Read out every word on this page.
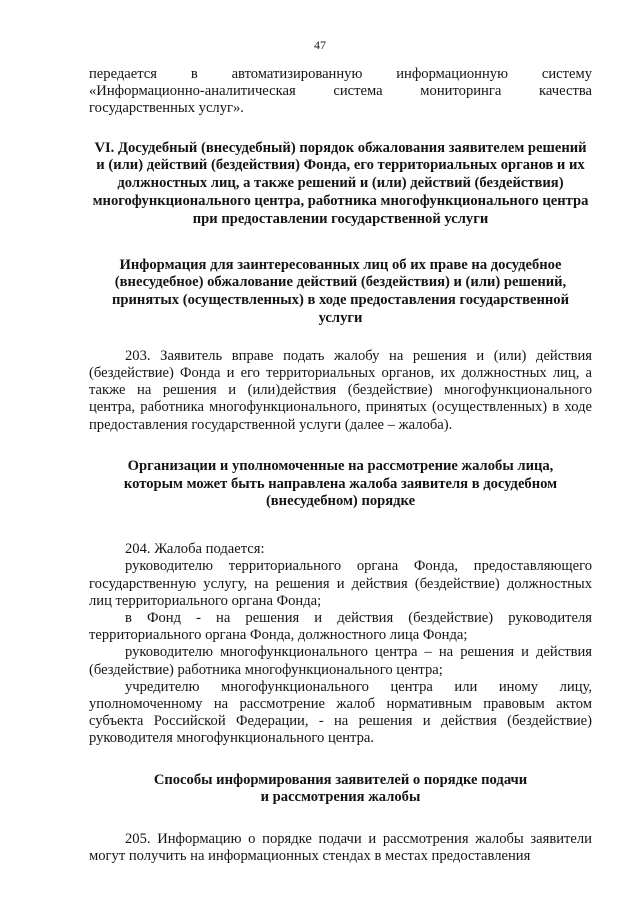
47

передается в автоматизированную информационную систему

«Информационно-аналитическая система мониторинга качества

государственных услуг».

VI. Досудебный (внесудебный) порядок обжалования заявителем решений и (или) действий (бездействия) Фонда, его территориальных органов и их должностных лиц, а также решений и (или) действий (бездействия) многофункционального центра, работника многофункционального центра при предоставлении государственной услуги

Информация для заинтересованных лиц об их праве на досудебное (внесудебное) обжалование действий (бездействия) и (или) решений, принятых (осуществленных) в ходе предоставления государственной услуги

203. Заявитель вправе подать жалобу на решения и (или) действия (бездействие) Фонда и его территориальных органов, их должностных лиц, а также на решения и (или)действия (бездействие) многофункционального центра, работника многофункционального, принятых (осуществленных) в ходе предоставления государственной услуги (далее – жалоба).

Организации и уполномоченные на рассмотрение жалобы лица, которым может быть направлена жалоба заявителя в досудебном (внесудебном) порядке

204. Жалоба подается:

руководителю территориального органа Фонда, предоставляющего государственную услугу, на решения и действия (бездействие) должностных лиц территориального органа Фонда;

в Фонд - на решения и действия (бездействие) руководителя территориального органа Фонда, должностного лица Фонда;

руководителю многофункционального центра – на решения и действия (бездействие) работника многофункционального центра;

учредителю многофункционального центра или иному лицу, уполномоченному на рассмотрение жалоб нормативным правовым актом субъекта Российской Федерации, - на решения и действия (бездействие) руководителя многофункционального центра.

Способы информирования заявителей о порядке подачи и рассмотрения жалобы

205. Информацию о порядке подачи и рассмотрения жалобы заявители могут получить на информационных стендах в местах предоставления
